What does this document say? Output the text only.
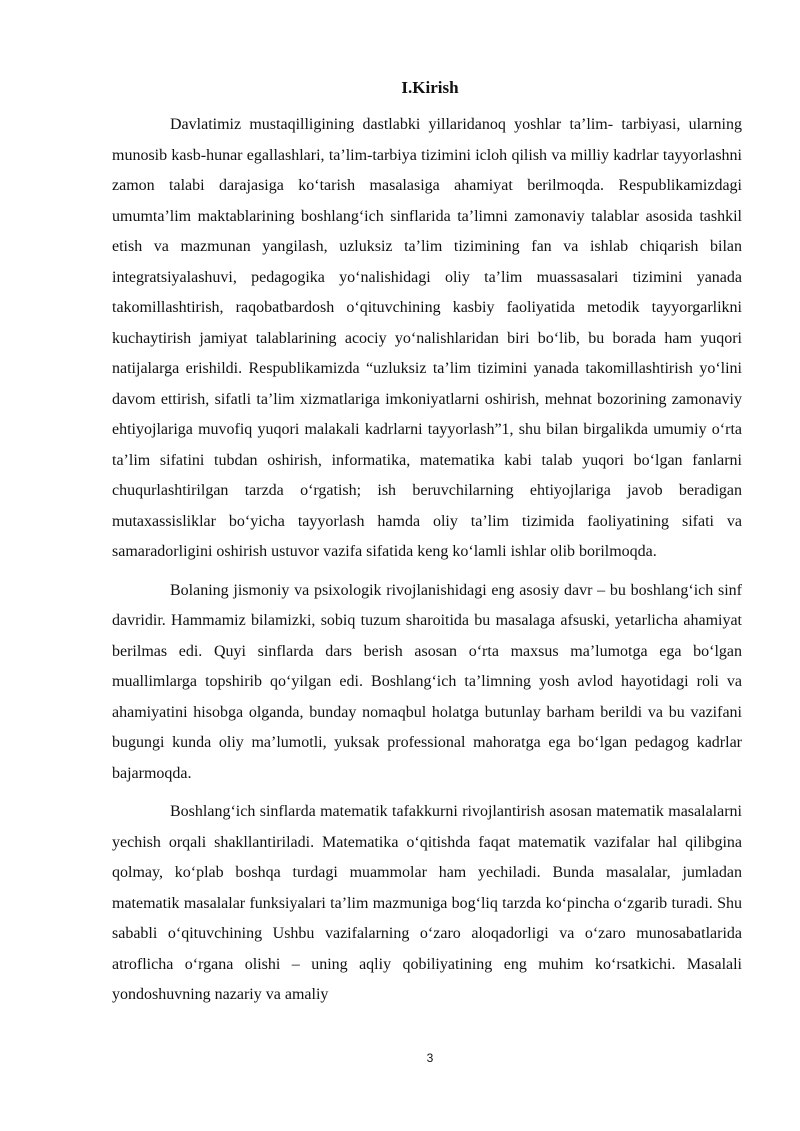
I.Kirish

Davlatimiz mustaqilligining dastlabki yillaridanoq yoshlar ta’lim- tarbiyasi, ularning munosib kasb-hunar egallashlari, ta’lim-tarbiya tizimini icloh qilish va milliy kadrlar tayyorlashni zamon talabi darajasiga ko‘tarish masalasiga ahamiyat berilmoqda. Respublikamizdagi umumta’lim maktablarining boshlang‘ich sinflarida ta’limni zamonaviy talablar asosida tashkil etish va mazmunan yangilash, uzluksiz ta’lim tizimining fan va ishlab chiqarish bilan integratsiyalashuvi, pedagogika yo‘nalishidagi oliy ta’lim muassasalari tizimini yanada takomillashtirish, raqobatbardosh o‘qituvchining kasbiy faoliyatida metodik tayyorgarlikni kuchaytirish jamiyat talablarining acociy yo‘nalishlaridan biri bo‘lib, bu borada ham yuqori natijalarga erishildi. Respublikamizda “uzluksiz ta’lim tizimini yanada takomillashtirish yo‘lini davom ettirish, sifatli ta’lim xizmatlariga imkoniyatlarni oshirish, mehnat bozorining zamonaviy ehtiyojlariga muvofiq yuqori malakali kadrlarni tayyorlash”1, shu bilan birgalikda umumiy o‘rta ta’lim sifatini tubdan oshirish, informatika, matematika kabi talab yuqori bo‘lgan fanlarni chuqurlashtirilgan tarzda o‘rgatish; ish beruvchilarning ehtiyojlariga javob beradigan mutaxassisliklar bo‘yicha tayyorlash hamda oliy ta’lim tizimida faoliyatining sifati va samaradorligini oshirish ustuvor vazifa sifatida keng ko‘lamli ishlar olib borilmoqda.

Bolaning jismoniy va psixologik rivojlanishidagi eng asosiy davr – bu boshlang‘ich sinf davridir. Hammamiz bilamizki, sobiq tuzum sharoitida bu masalaga afsuski, yetarlicha ahamiyat berilmas edi. Quyi sinflarda dars berish asosan o‘rta maxsus ma’lumotga ega bo‘lgan muallimlarga topshirib qo‘yilgan edi. Boshlang‘ich ta’limning yosh avlod hayotidagi roli va ahamiyatini hisobga olganda, bunday nomaqbul holatga butunlay barham berildi va bu vazifani bugungi kunda oliy ma’lumotli, yuksak professional mahoratga ega bo‘lgan pedagog kadrlar bajarmoqda.

Boshlang‘ich sinflarda matematik tafakkurni rivojlantirish asosan matematik masalalarni yechish orqali shakllantiriladi. Matematika o‘qitishda faqat matematik vazifalar hal qilibgina qolmay, ko‘plab boshqa turdagi muammolar ham yechiladi. Bunda masalalar, jumladan matematik masalalar funksiyalari ta’lim mazmuniga bog‘liq tarzda ko‘pincha o‘zgarib turadi. Shu sababli o‘qituvchining Ushbu vazifalarning o‘zaro aloqadorligi va o‘zaro munosabatlarida atroflicha o‘rgana olishi – uning aqliy qobiliyatining eng muhim ko‘rsatkichi. Masalali yondoshuvning nazariy va amaliy

3
